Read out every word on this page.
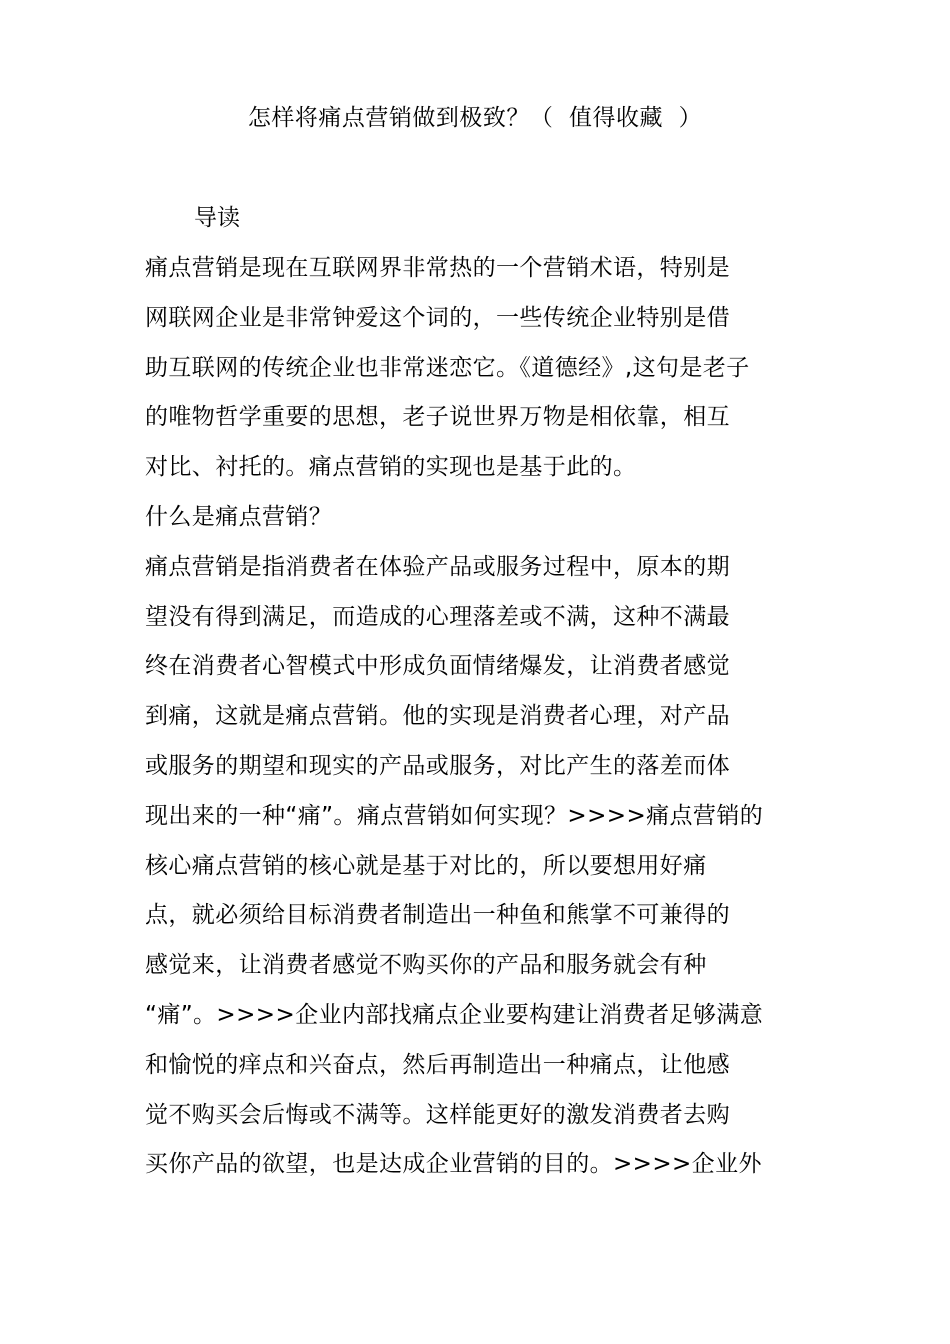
怎样将痛点营销做到极致？（  值得收藏  ）
导读
痛点营销是现在互联网界非常热的一个营销术语，特别是
网联网企业是非常钟爱这个词的，一些传统企业特别是借
助互联网的传统企业也非常迷恋它。《道德经》,这句是老子
的唯物哲学重要的思想，老子说世界万物是相依靠，相互
对比、衬托的。痛点营销的实现也是基于此的。
什么是痛点营销？
痛点营销是指消费者在体验产品或服务过程中，原本的期
望没有得到满足，而造成的心理落差或不满，这种不满最
终在消费者心智模式中形成负面情绪爆发，让消费者感觉
到痛，这就是痛点营销。他的实现是消费者心理，对产品
或服务的期望和现实的产品或服务，对比产生的落差而体
现出来的一种“痛”。痛点营销如何实现？>>>>痛点营销的
核心痛点营销的核心就是基于对比的，所以要想用好痛
点，就必须给目标消费者制造出一种鱼和熊掌不可兼得的
感觉来，让消费者感觉不购买你的产品和服务就会有种
“痛”。>>>>企业内部找痛点企业要构建让消费者足够满意
和愉悦的痒点和兴奋点，然后再制造出一种痛点，让他感
觉不购买会后悔或不满等。这样能更好的激发消费者去购
买你产品的欲望，也是达成企业营销的目的。>>>>企业外
